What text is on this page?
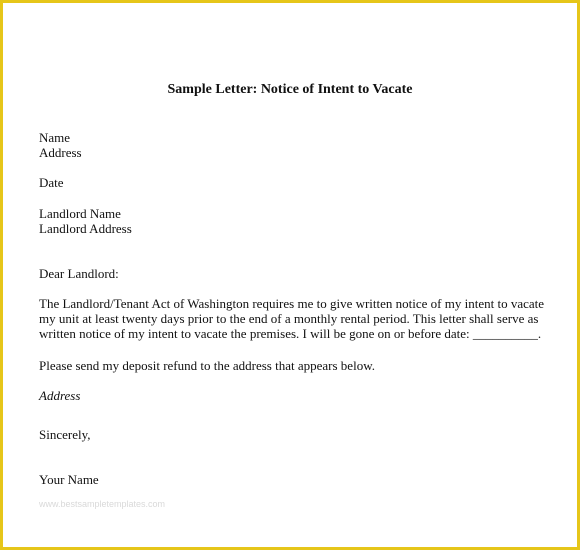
Sample Letter: Notice of Intent to Vacate

Name

Address

Date

Landlord Name

Landlord Address

Dear Landlord:

The Landlord/Tenant Act of Washington requires me to give written notice of my intent to vacate

my unit at least twenty days prior to the end of a monthly rental period. This letter shall serve as

written notice of my intent to vacate the premises. I will be gone on or before date: __________.

Please send my deposit refund to the address that appears below.

Address

Sincerely,

Your Name

www.bestsampletemplates.com
